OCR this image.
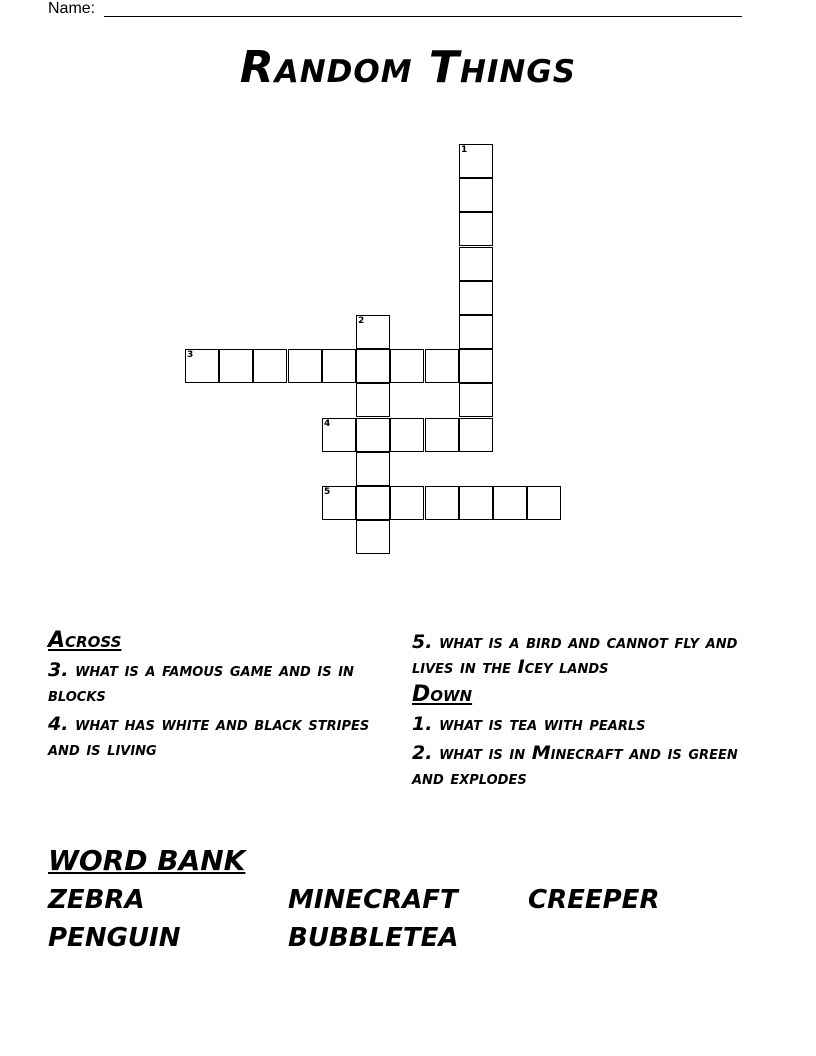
Name:
Random Things
1
2
3
4
5
Across
3. what is a famous game and is in blocks
4. what has white and black stripes and is living
5. what is a bird and cannot fly and lives in the Icey lands
Down
1. what is tea with pearls
2. what is in Minecraft and is green and explodes
WORD BANK
ZEBRA	MINECRAFT	CREEPER
PENGUIN	BUBBLETEA
